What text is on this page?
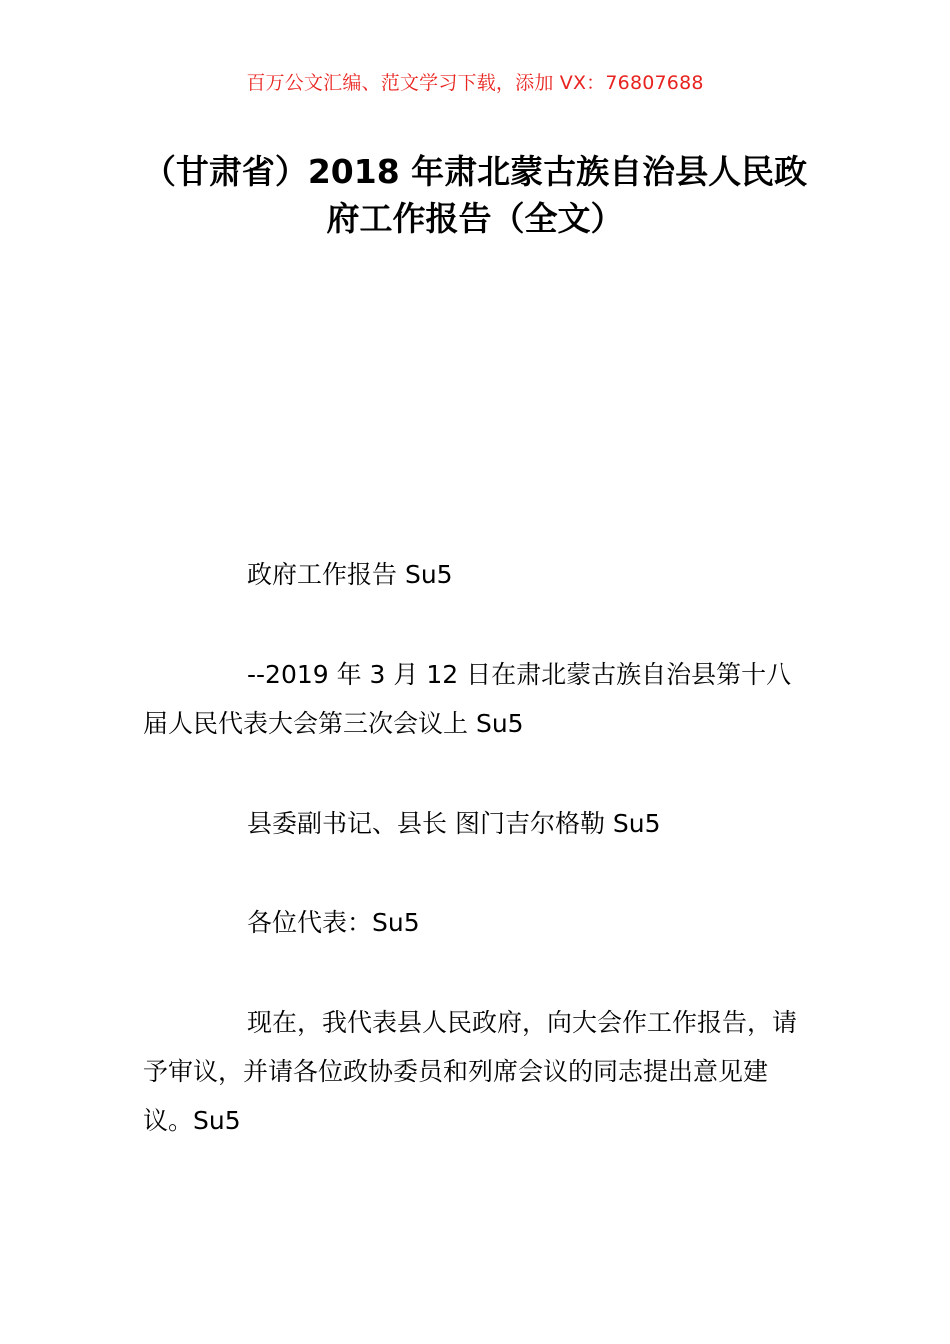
百万公文汇编、范文学习下载，添加 VX：76807688
（甘肃省）2018 年肃北蒙古族自治县人民政府工作报告（全文）

政府工作报告 Su5

--2019 年 3 月 12 日在肃北蒙古族自治县第十八届人民代表大会第三次会议上 Su5

县委副书记、县长 图门吉尔格勒 Su5

各位代表：Su5

现在，我代表县人民政府，向大会作工作报告，请予审议，并请各位政协委员和列席会议的同志提出意见建议。Su5
